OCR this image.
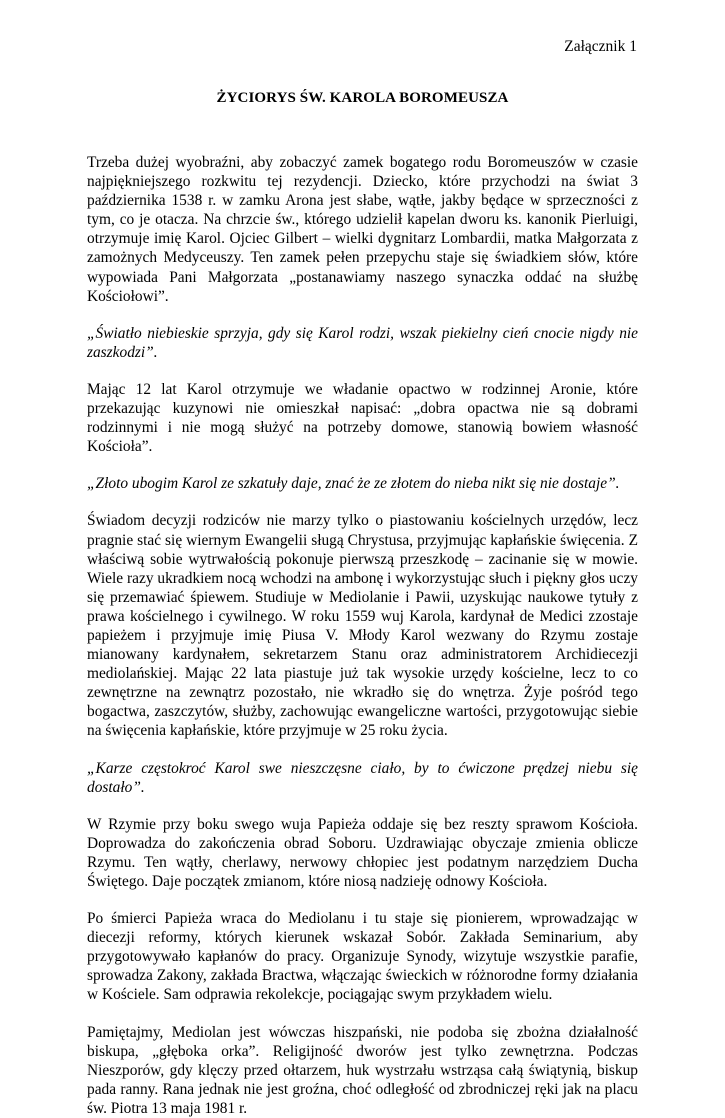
Załącznik 1

ŻYCIORYS ŚW. KAROLA BOROMEUSZA

Trzeba dużej wyobraźni, aby zobaczyć zamek bogatego rodu Boromeuszów w czasie najpiękniejszego rozkwitu tej rezydencji. Dziecko, które przychodzi na świat 3 października 1538 r. w zamku Arona jest słabe, wątłe, jakby będące w sprzeczności z tym, co je otacza. Na chrzcie św., którego udzielił kapelan dworu ks. kanonik Pierluigi, otrzymuje imię Karol. Ojciec Gilbert – wielki dygnitarz Lombardii, matka Małgorzata z zamożnych Medyceuszy. Ten zamek pełen przepychu staje się świadkiem słów, które wypowiada Pani Małgorzata „postanawiamy naszego synaczka oddać na służbę Kościołowi”.

„Światło niebieskie sprzyja, gdy się Karol rodzi, wszak piekielny cień cnocie nigdy nie zaszkodzi”.

Mając 12 lat Karol otrzymuje we władanie opactwo w rodzinnej Aronie, które przekazując kuzynowi nie omieszkał napisać: „dobra opactwa nie są dobrami rodzinnymi i nie mogą służyć na potrzeby domowe, stanowią bowiem własność Kościoła”.

„Złoto ubogim Karol ze szkatuły daje, znać że ze złotem do nieba nikt się nie dostaje”.

Świadom decyzji rodziców nie marzy tylko o piastowaniu kościelnych urzędów, lecz pragnie stać się wiernym Ewangelii sługą Chrystusa, przyjmując kapłańskie święcenia. Z właściwą sobie wytrwałością pokonuje pierwszą przeszkodę – zacinanie się w mowie. Wiele razy ukradkiem nocą wchodzi na ambonę i wykorzystując słuch i piękny głos uczy się przemawiać śpiewem. Studiuje w Mediolanie i Pawii, uzyskując naukowe tytuły z prawa kościelnego i cywilnego. W roku 1559 wuj Karola, kardynał de Medici zzostaje papieżem i przyjmuje imię Piusa V. Młody Karol wezwany do Rzymu zostaje mianowany kardynałem, sekretarzem Stanu oraz administratorem Archidiecezji mediolańskiej. Mając 22 lata piastuje już tak wysokie urzędy kościelne, lecz to co zewnętrzne na zewnątrz pozostało, nie wkradło się do wnętrza. Żyje pośród tego bogactwa, zaszczytów, służby, zachowując ewangeliczne wartości, przygotowując siebie na święcenia kapłańskie, które przyjmuje w 25 roku życia.

„Karze częstokroć Karol swe nieszczęsne ciało, by to ćwiczone prędzej niebu się dostało”.

W Rzymie przy boku swego wuja Papieża oddaje się bez reszty sprawom Kościoła. Doprowadza do zakończenia obrad Soboru. Uzdrawiając obyczaje zmienia oblicze Rzymu. Ten wątły, cherlawy, nerwowy chłopiec jest podatnym narzędziem Ducha Świętego. Daje początek zmianom, które niosą nadzieję odnowy Kościoła.

Po śmierci Papieża wraca do Mediolanu i tu staje się pionierem, wprowadzając w diecezji reformy, których kierunek wskazał Sobór. Zakłada Seminarium, aby przygotowywało kapłanów do pracy. Organizuje Synody, wizytuje wszystkie parafie, sprowadza Zakony, zakłada Bractwa, włączając świeckich w różnorodne formy działania w Kościele. Sam odprawia rekolekcje, pociągając swym przykładem wielu.

Pamiętajmy, Mediolan jest wówczas hiszpański, nie podoba się zbożna działalność biskupa, „głęboka orka”. Religijność dworów jest tylko zewnętrzna. Podczas Nieszporów, gdy klęczy przed ołtarzem, huk wystrzału wstrząsa całą świątynią, biskup pada ranny. Rana jednak nie jest groźna, choć odległość od zbrodniczej ręki jak na placu św. Piotra 13 maja 1981 r.
